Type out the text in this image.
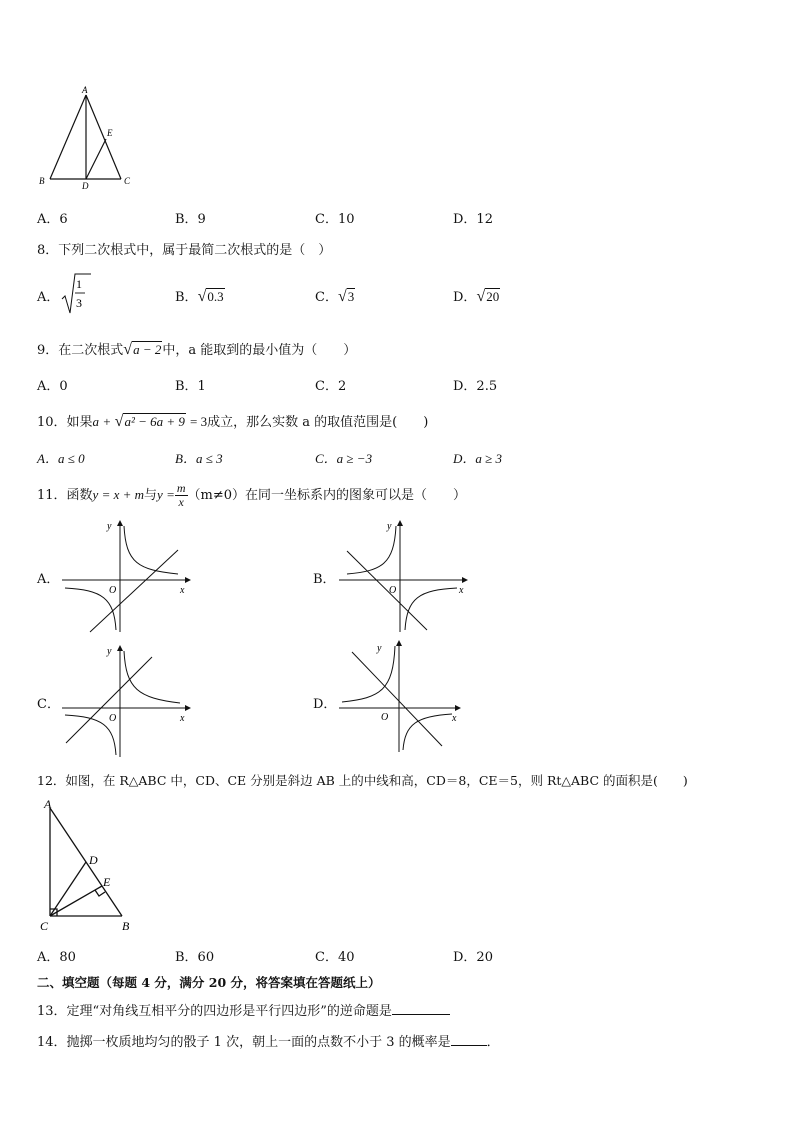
A
E
B	D	C
A．6	B．9	C．10	D．12
8．下列二次根式中，属于最简二次根式的是（　）
A．
1
3	B．√0.3	C．√3	D．√20
9．在二次根式√a − 2中，a 能取到的最小值为（　　）
A．0	B．1	C．2	D．2.5
10．如果a + √a² − 6a + 9 = 3成立，那么实数 a 的取值范围是(　　)
A．a ≤ 0	B．a ≤ 3	C．a ≥ −3	D．a ≥ 3
11．函数y = x + m与$y = \frac{m}{x} (m\ne 0)$在同一坐标系内的图象可以是（　　）
A．	B．
C．	D．
y
x
O
y
x
O
y
x
O
y
x
O
12．如图，在 R△ABC 中，CD、CE 分别是斜边 AB 上的中线和高，CD＝8，CE＝5，则 Rt△ABC 的面积是(　　)
A
D
E
C	B
A．80	B．60	C．40	D．20
二、填空题（每题 4 分，满分 20 分，将答案填在答题纸上）
13．定理“对角线互相平分的四边形是平行四边形”的逆命题是
14．抛掷一枚质地均匀的骰子 1 次，朝上一面的点数不小于 3 的概率是	．
